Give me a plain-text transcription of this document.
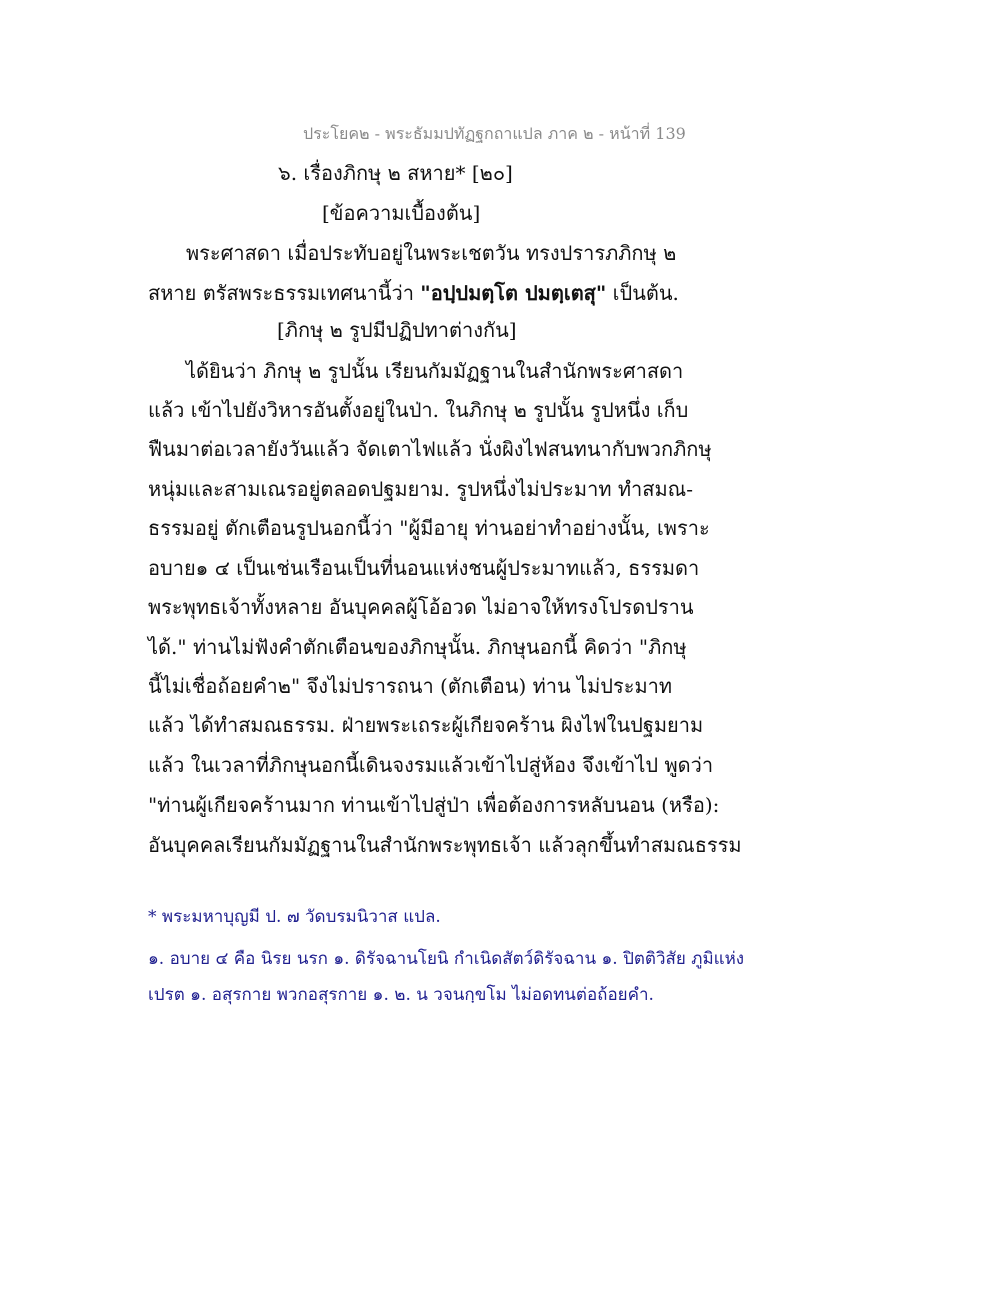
ประโยค๒ - พระธัมมปทัฏฐกถาแปล ภาค ๒ - หน้าที่ 139
๖. เรื่องภิกษุ ๒ สหาย* [๒๐]
[ข้อความเบื้องต้น]
พระศาสดา เมื่อประทับอยู่ในพระเชตวัน ทรงปรารภภิกษุ ๒
สหาย ตรัสพระธรรมเทศนานี้ว่า "อปฺปมตฺโต ปมตฺเตสุ" เป็นต้น.
[ภิกษุ ๒ รูปมีปฏิปทาต่างกัน]
ได้ยินว่า ภิกษุ ๒ รูปนั้น เรียนกัมมัฏฐานในสำนักพระศาสดา
แล้ว เข้าไปยังวิหารอันตั้งอยู่ในป่า. ในภิกษุ ๒ รูปนั้น รูปหนึ่ง เก็บ
ฟืนมาต่อเวลายังวันแล้ว จัดเตาไฟแล้ว นั่งผิงไฟสนทนากับพวกภิกษุ
หนุ่มและสามเณรอยู่ตลอดปฐมยาม. รูปหนึ่งไม่ประมาท ทำสมณ-
ธรรมอยู่ ตักเตือนรูปนอกนี้ว่า "ผู้มีอายุ ท่านอย่าทำอย่างนั้น, เพราะ
อบาย๑ ๔ เป็นเช่นเรือนเป็นที่นอนแห่งชนผู้ประมาทแล้ว, ธรรมดา
พระพุทธเจ้าทั้งหลาย อันบุคคลผู้โอ้อวด ไม่อาจให้ทรงโปรดปราน
ได้." ท่านไม่ฟังคำตักเตือนของภิกษุนั้น. ภิกษุนอกนี้ คิดว่า "ภิกษุ
นี้ไม่เชื่อถ้อยคำ๒" จึงไม่ปรารถนา (ตักเตือน) ท่าน ไม่ประมาท
แล้ว ได้ทำสมณธรรม. ฝ่ายพระเถระผู้เกียจคร้าน ผิงไฟในปฐมยาม
แล้ว ในเวลาที่ภิกษุนอกนี้เดินจงรมแล้วเข้าไปสู่ห้อง จึงเข้าไป พูดว่า
"ท่านผู้เกียจคร้านมาก ท่านเข้าไปสู่ป่า เพื่อต้องการหลับนอน (หรือ):
อันบุคคลเรียนกัมมัฏฐานในสำนักพระพุทธเจ้า แล้วลุกขึ้นทำสมณธรรม
* พระมหาบุญมี ป. ๗ วัดบรมนิวาส แปล.
๑. อบาย ๔ คือ นิรย นรก ๑. ดิรัจฉานโยนิ กำเนิดสัตว์ดิรัจฉาน ๑. ปิตติวิสัย ภูมิแห่ง
เปรต ๑. อสุรกาย พวกอสุรกาย ๑. ๒. น วจนกฺขโม ไม่อดทนต่อถ้อยคำ.
